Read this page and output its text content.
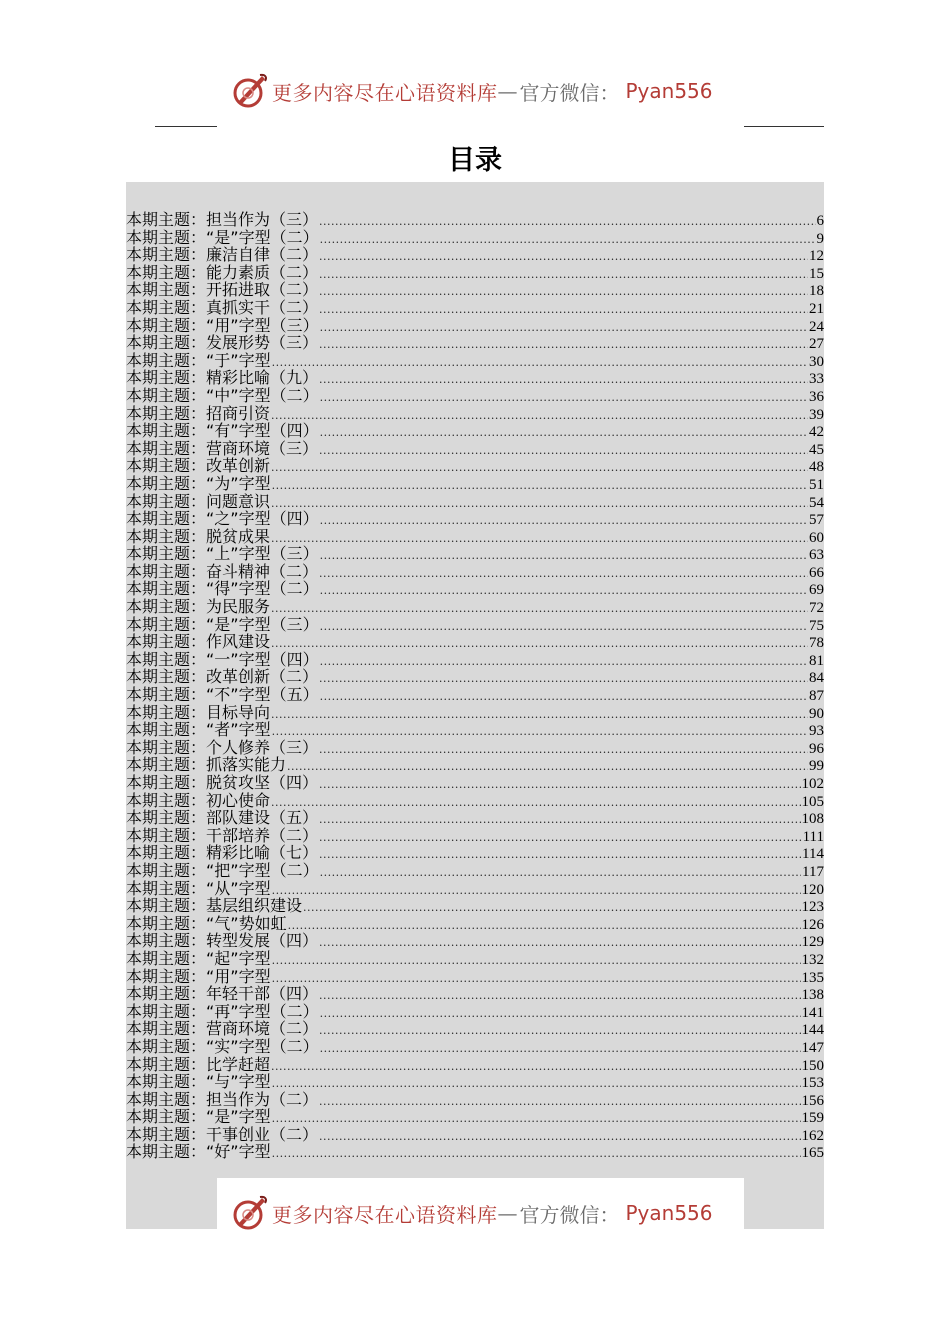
更多内容尽在心语资料库 — 官方微信： Pyan556
目录
本期主题： 担当作为（三） .....	6
本期主题： “是”字型（二） .....	9
本期主题： 廉洁自律（二） .....	12
本期主题： 能力素质（二） .....	15
本期主题： 开拓进取（二） .....	18
本期主题： 真抓实干（二） .....	21
本期主题： “用”字型（三） .....	24
本期主题： 发展形势（三） .....	27
本期主题： “于”字型 .....	30
本期主题： 精彩比喻（九） .....	33
本期主题： “中”字型（二） .....	36
本期主题： 招商引资 .....	39
本期主题： “有”字型（四） .....	42
本期主题： 营商环境（三） .....	45
本期主题： 改革创新 .....	48
本期主题： “为”字型 .....	51
本期主题： 问题意识 .....	54
本期主题： “之”字型（四） .....	57
本期主题： 脱贫成果 .....	60
本期主题： “上”字型（三） .....	63
本期主题： 奋斗精神（二） .....	66
本期主题： “得”字型（二） .....	69
本期主题： 为民服务 .....	72
本期主题： “是”字型（三） .....	75
本期主题： 作风建设 .....	78
本期主题： “一”字型（四） .....	81
本期主题： 改革创新（二） .....	84
本期主题： “不”字型（五） .....	87
本期主题： 目标导向 .....	90
本期主题： “者”字型 .....	93
本期主题： 个人修养（三） .....	96
本期主题： 抓落实能力 .....	99
本期主题： 脱贫攻坚（四） .....	102
本期主题： 初心使命 .....	105
本期主题： 部队建设（五） .....	108
本期主题： 干部培养（二） .....	111
本期主题： 精彩比喻（七） .....	114
本期主题： “把”字型（二） .....	117
本期主题： “从”字型 .....	120
本期主题： 基层组织建设 .....	123
本期主题： “气”势如虹 .....	126
本期主题： 转型发展（四） .....	129
本期主题： “起”字型 .....	132
本期主题： “用”字型 .....	135
本期主题： 年轻干部（四） .....	138
本期主题： “再”字型（二） .....	141
本期主题： 营商环境（二） .....	144
本期主题： “实”字型（二） .....	147
本期主题： 比学赶超 .....	150
本期主题： “与”字型 .....	153
本期主题： 担当作为（二） .....	156
本期主题： “是”字型 .....	159
本期主题： 干事创业（二） .....	162
本期主题： “好”字型 .....	165
更多内容尽在心语资料库 — 官方微信： Pyan556
